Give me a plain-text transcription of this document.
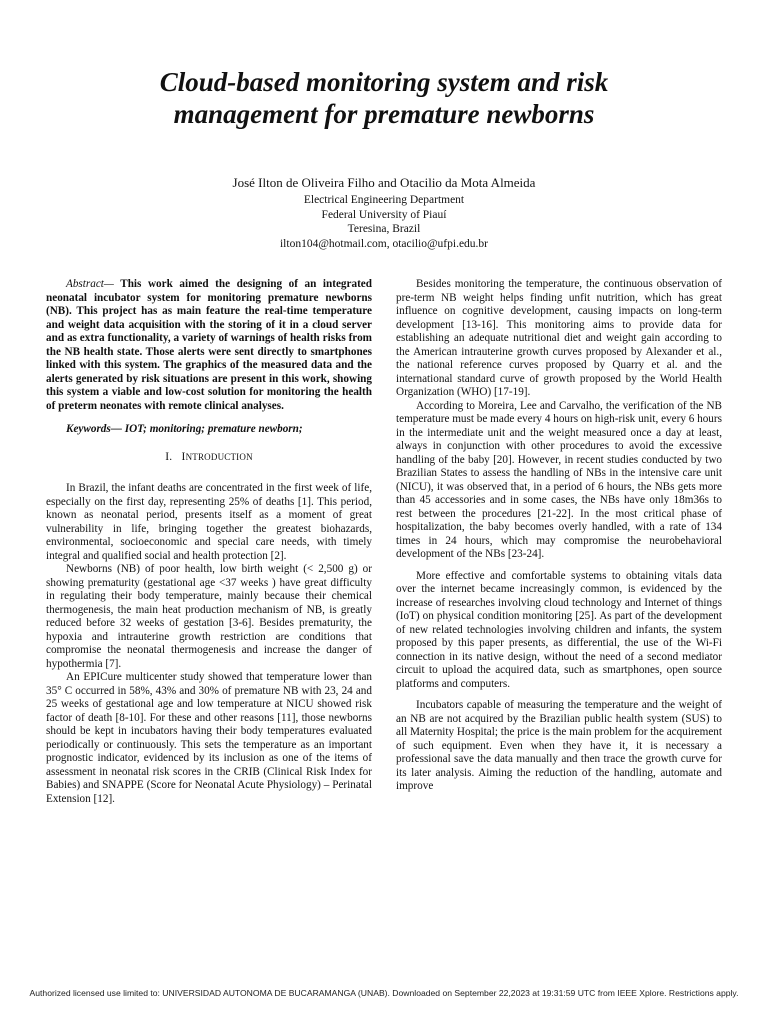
Cloud-based monitoring system and risk
management for premature newborns

José Ilton de Oliveira Filho and Otacilio da Mota Almeida

Electrical Engineering Department
Federal University of Piauí
Teresina, Brazil
ilton104@hotmail.com, otacilio@ufpi.edu.br

Abstract— This work aimed the designing of an integrated neonatal incubator system for monitoring premature newborns (NB). This project has as main feature the real-time temperature and weight data acquisition with the storing of it in a cloud server and as extra functionality, a variety of warnings of health risks from the NB health state. Those alerts were sent directly to smartphones linked with this system. The graphics of the measured data and the alerts generated by risk situations are present in this work, showing this system a viable and low-cost solution for monitoring the health of preterm neonates with remote clinical analyses.

Keywords— IOT; monitoring; premature newborn;

I. INTRODUCTION

In Brazil, the infant deaths are concentrated in the first week of life, especially on the first day, representing 25% of deaths [1]. This period, known as neonatal period, presents itself as a moment of great vulnerability in life, bringing together the greatest biohazards, environmental, socioeconomic and special care needs, with timely integral and qualified social and health protection [2].

Newborns (NB) of poor health, low birth weight (< 2,500 g) or showing prematurity (gestational age <37 weeks ) have great difficulty in regulating their body temperature, mainly because their chemical thermogenesis, the main heat production mechanism of NB, is greatly reduced before 32 weeks of gestation [3-6]. Besides prematurity, the hypoxia and intrauterine growth restriction are conditions that compromise the neonatal thermogenesis and increase the danger of hypothermia [7].

An EPICure multicenter study showed that temperature lower than 35° C occurred in 58%, 43% and 30% of premature NB with 23, 24 and 25 weeks of gestational age and low temperature at NICU showed risk factor of death [8-10]. For these and other reasons [11], those newborns should be kept in incubators having their body temperatures evaluated periodically or continuously. This sets the temperature as an important prognostic indicator, evidenced by its inclusion as one of the items of assessment in neonatal risk scores in the CRIB (Clinical Risk Index for Babies) and SNAPPE (Score for Neonatal Acute Physiology) – Perinatal Extension [12].

Besides monitoring the temperature, the continuous observation of pre-term NB weight helps finding unfit nutrition, which has great influence on cognitive development, causing impacts on long-term development [13-16]. This monitoring aims to provide data for establishing an adequate nutritional diet and weight gain according to the American intrauterine growth curves proposed by Alexander et al., the national reference curves proposed by Quarry et al. and the international standard curve of growth proposed by the World Health Organization (WHO) [17-19].

According to Moreira, Lee and Carvalho, the verification of the NB temperature must be made every 4 hours on high-risk unit, every 6 hours in the intermediate unit and the weight measured once a day at least, always in conjunction with other procedures to avoid the excessive handling of the baby [20]. However, in recent studies conducted by two Brazilian States to assess the handling of NBs in the intensive care unit (NICU), it was observed that, in a period of 6 hours, the NBs gets more than 45 accessories and in some cases, the NBs have only 18m36s to rest between the procedures [21-22]. In the most critical phase of hospitalization, the baby becomes overly handled, with a rate of 134 times in 24 hours, which may compromise the neurobehavioral development of the NBs [23-24].

More effective and comfortable systems to obtaining vitals data over the internet became increasingly common, is evidenced by the increase of researches involving cloud technology and Internet of things (IoT) on physical condition monitoring [25]. As part of the development of new related technologies involving children and infants, the system proposed by this paper presents, as differential, the use of the Wi-Fi connection in its native design, without the need of a second mediator circuit to upload the acquired data, such as smartphones, open source platforms and computers.

Incubators capable of measuring the temperature and the weight of an NB are not acquired by the Brazilian public health system (SUS) to all Maternity Hospital; the price is the main problem for the acquirement of such equipment. Even when they have it, it is necessary a professional save the data manually and then trace the growth curve for its later analysis. Aiming the reduction of the handling, automate and improve

Authorized licensed use limited to: UNIVERSIDAD AUTONOMA DE BUCARAMANGA (UNAB). Downloaded on September 22,2023 at 19:31:59 UTC from IEEE Xplore. Restrictions apply.
